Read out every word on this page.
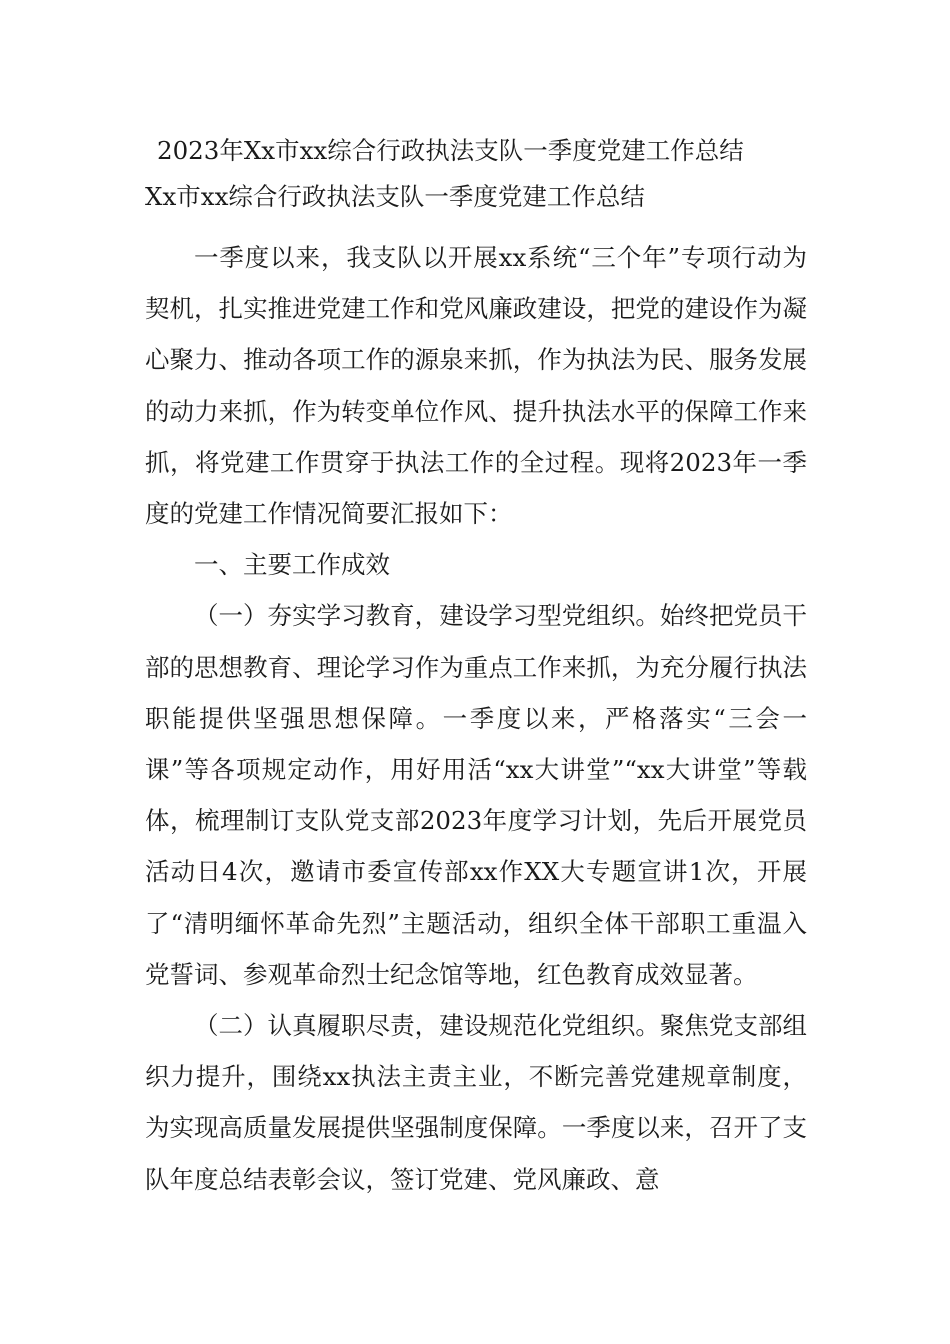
2023年Xx市xx综合行政执法支队一季度党建工作总结
Xx市xx综合行政执法支队一季度党建工作总结

一季度以来，我支队以开展xx系统“三个年”专项行动为契机，扎实推进党建工作和党风廉政建设，把党的建设作为凝心聚力、推动各项工作的源泉来抓，作为执法为民、服务发展的动力来抓，作为转变单位作风、提升执法水平的保障工作来抓，将党建工作贯穿于执法工作的全过程。现将2023年一季度的党建工作情况简要汇报如下：

一、主要工作成效

（一）夯实学习教育，建设学习型党组织。始终把党员干部的思想教育、理论学习作为重点工作来抓，为充分履行执法职能提供坚强思想保障。一季度以来，严格落实“三会一课”等各项规定动作，用好用活“xx大讲堂”“xx大讲堂”等载体，梳理制订支队党支部2023年度学习计划，先后开展党员活动日4次，邀请市委宣传部xx作XX大专题宣讲1次，开展了“清明缅怀革命先烈”主题活动，组织全体干部职工重温入党誓词、参观革命烈士纪念馆等地，红色教育成效显著。

（二）认真履职尽责，建设规范化党组织。聚焦党支部组织力提升，围绕xx执法主责主业，不断完善党建规章制度，为实现高质量发展提供坚强制度保障。一季度以来，召开了支队年度总结表彰会议，签订党建、党风廉政、意
